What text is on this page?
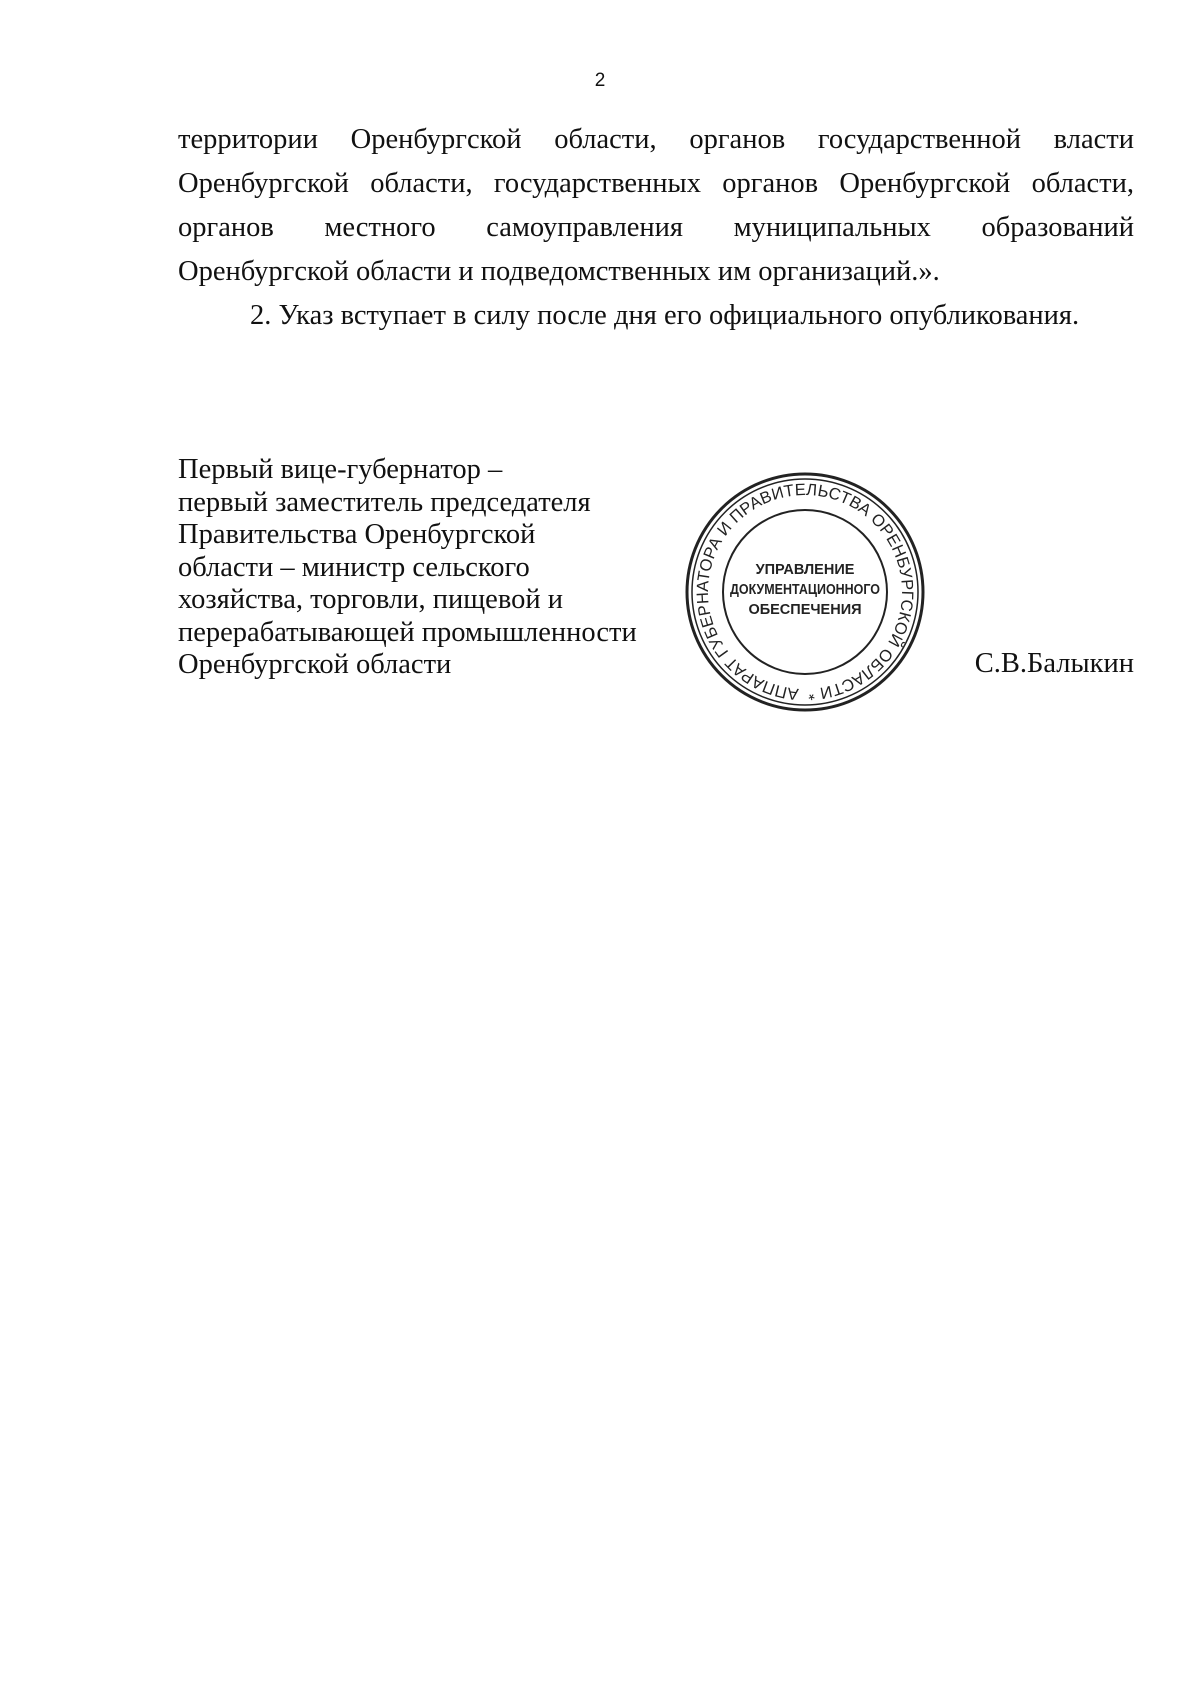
2

территории Оренбургской области, органов государственной власти Оренбургской области, государственных органов Оренбургской области, органов местного самоуправления муниципальных образований Оренбургской области и подведомственных им организаций.».

2. Указ вступает в силу после дня его официального опубликования.

Первый вице-губернатор –
первый заместитель председателя
Правительства Оренбургской
области – министр сельского
хозяйства, торговли, пищевой и
перерабатывающей промышленности
Оренбургской области
АППАРАТ ГУБЕРНАТОРА И ПРАВИТЕЛЬСТВА ОРЕНБУРГСКОЙ ОБЛАСТИ *
УПРАВЛЕНИЕ
ДОКУМЕНТАЦИОННОГО
ОБЕСПЕЧЕНИЯ
С.В.Балыкин
